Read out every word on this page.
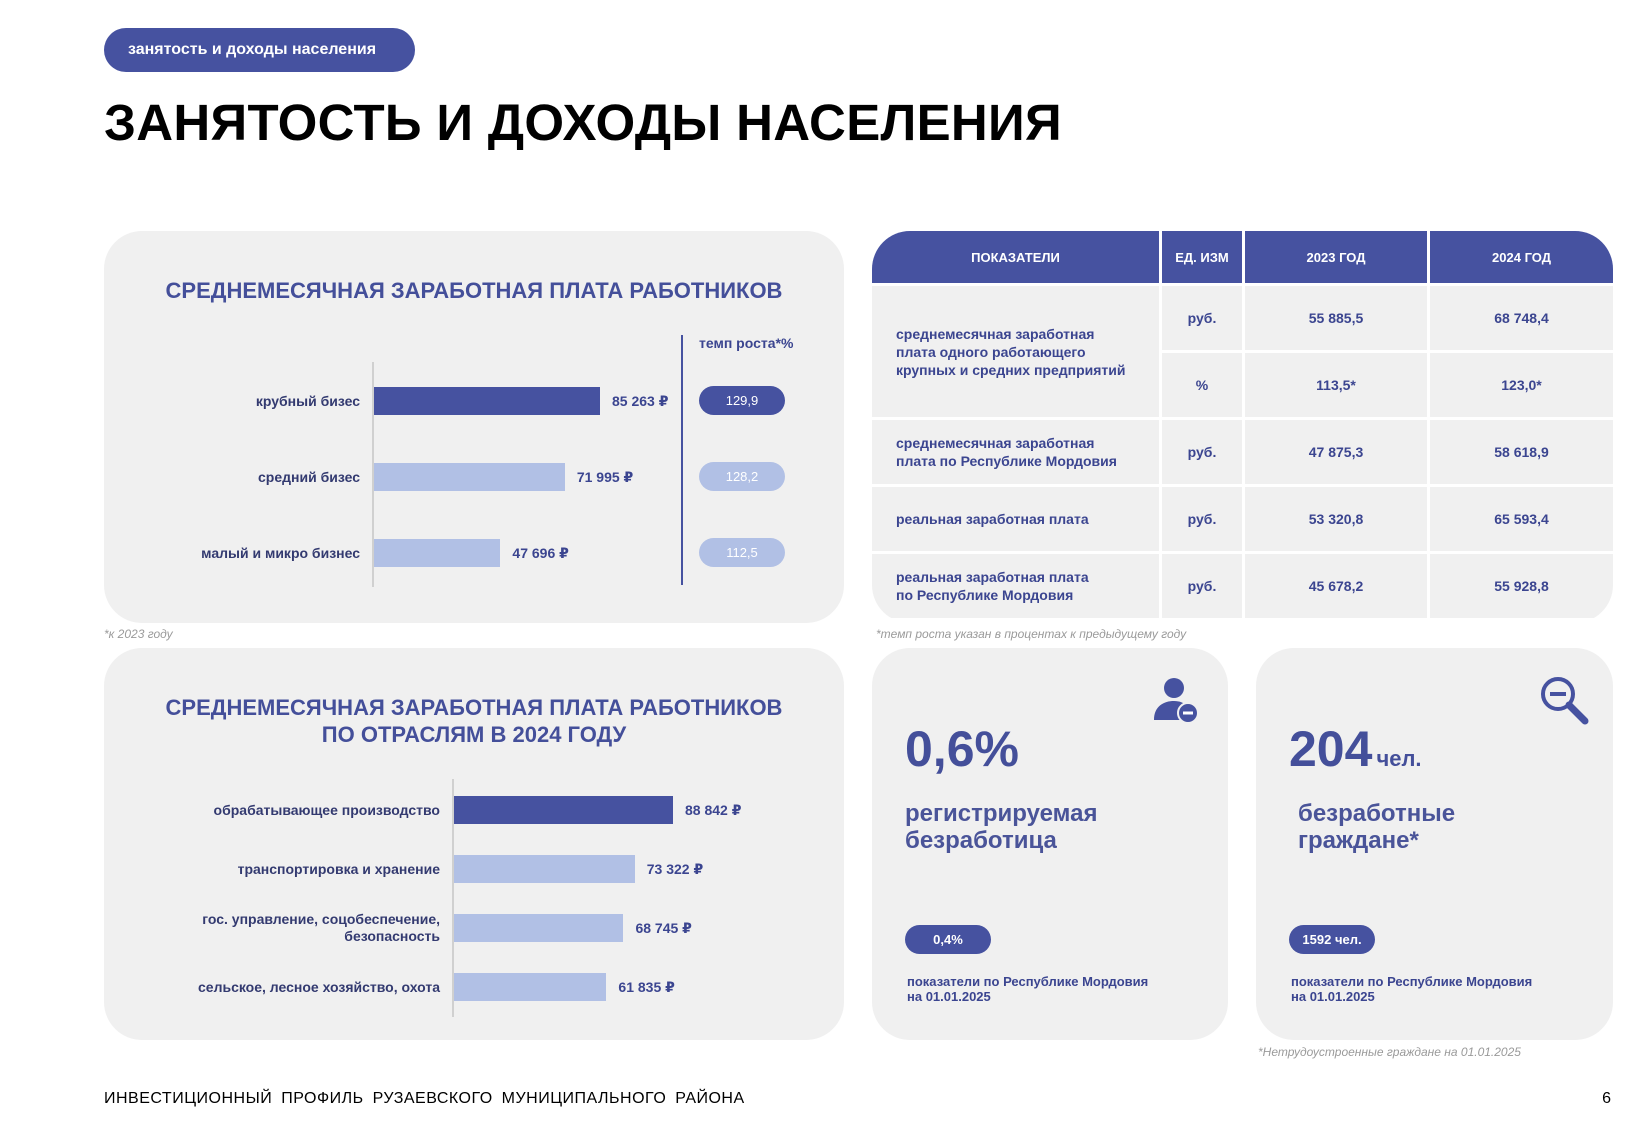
занятость и доходы населения
ЗАНЯТОСТЬ И ДОХОДЫ НАСЕЛЕНИЯ
СРЕДНЕМЕСЯЧНАЯ ЗАРАБОТНАЯ ПЛАТА РАБОТНИКОВ
темп роста*%
крубный бизес
средний бизес
малый и микро бизнес
85 263 ₽	129,9
71 995 ₽	128,2
47 696 ₽	112,5
*к 2023 году
ПОКАЗАТЕЛИ	ЕД. ИЗМ	2023 ГОД	2024 ГОД
среднемесячная заработная
плата одного работающего
крупных и средних предприятий
руб.	55 885,5	68 748,4
%	113,5*	123,0*
среднемесячная заработная
плата по Республике Мордовия
руб.	47 875,3	58 618,9
реальная заработная плата	руб.	53 320,8	65 593,4
реальная заработная плата
по Республике Мордовия
руб.	45 678,2	55 928,8
*темп роста указан в процентах к предыдущему году
СРЕДНЕМЕСЯЧНАЯ ЗАРАБОТНАЯ ПЛАТА РАБОТНИКОВ
ПО ОТРАСЛЯМ В 2024 ГОДУ
обрабатывающее производство
транспортировка и хранение
гос. управление, соцобеспечение,
безопасность
сельское, лесное хозяйство, охота
88 842 ₽
73 322 ₽
68 745 ₽
61 835 ₽
0,6%
регистрируемая
безработица
0,4%
показатели по Республике Мордовия
на 01.01.2025
204 чел.
безработные
граждане*
1592 чел.
показатели по Республике Мордовия
на 01.01.2025
*Нетрудоустроенные граждане на 01.01.2025
ИНВЕСТИЦИОННЫЙ ПРОФИЛЬ РУЗАЕВСКОГО МУНИЦИПАЛЬНОГО РАЙОНА	6
